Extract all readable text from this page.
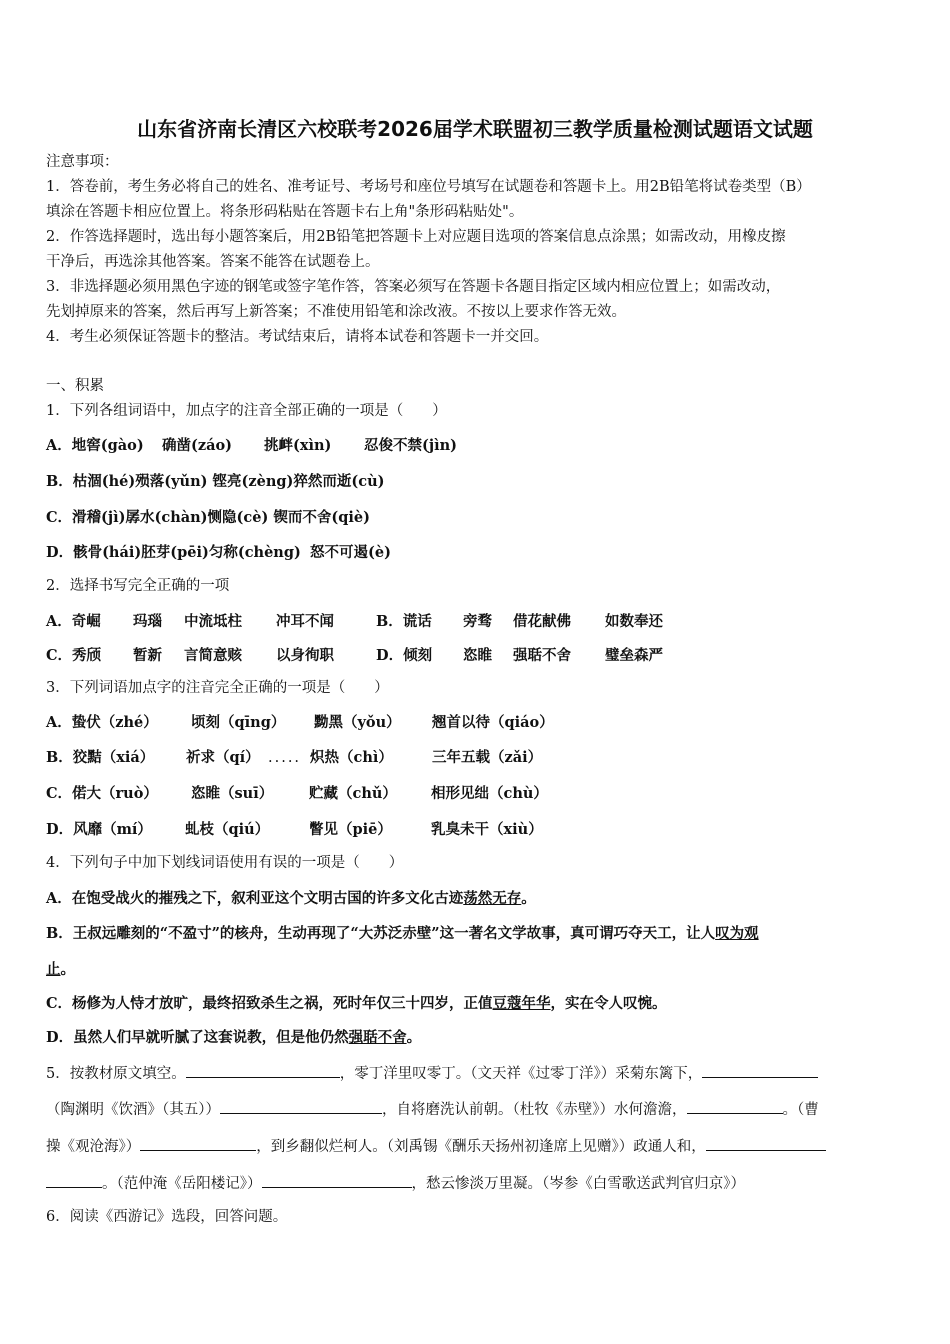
山东省济南长清区六校联考2026届学术联盟初三教学质量检测试题语文试题
注意事项：
1．答卷前，考生务必将自己的姓名、准考证号、考场号和座位号填写在试题卷和答题卡上。用2B铅笔将试卷类型（B）
填涂在答题卡相应位置上。将条形码粘贴在答题卡右上角"条形码粘贴处"。
2．作答选择题时，选出每小题答案后，用2B铅笔把答题卡上对应题目选项的答案信息点涂黑；如需改动，用橡皮擦
干净后，再选涂其他答案。答案不能答在试题卷上。
3．非选择题必须用黑色字迹的钢笔或签字笔作答，答案必须写在答题卡各题目指定区域内相应位置上；如需改动，
先划掉原来的答案，然后再写上新答案；不准使用铅笔和涂改液。不按以上要求作答无效。
4．考生必须保证答题卡的整洁。考试结束后，请将本试卷和答题卡一并交回。
一、积累
1．下列各组词语中，加点字的注音全部正确的一项是（　　）
A．地窖(gào) 确凿(záo) 挑衅(xìn) 忍俊不禁(jìn)
B．枯涸(hé)殒落(yǔn) 铿亮(zèng)猝然而逝(cù)
C．滑稽(jì)孱水(chàn)恻隐(cè) 锲而不舍(qiè)
D．骸骨(hái)胚芽(pēi)匀称(chèng) 怒不可遏(è)
2．选择书写完全正确的一项
A．奇崛 玛瑙 中流坻柱 冲耳不闻	B．谎话 旁骛 借花献佛 如数奉还
C．秀颀 暂新 言简意赅 以身徇职	D．倾刻 恣睢 强聒不舍 璧垒森严
3．下列词语加点字的注音完全正确的一项是（　　）
A．蛰伏（zhé） 顷刻（qīng） 黝黑（yǒu） 翘首以待（qiáo）
B．狡黠（xiá） 祈求（qí） ..... 炽热（chì）	三年五载（zǎi）
C．偌大（ruò） 恣睢（suī） 贮藏（chǔ） 相形见绌（chù）
D．风靡（mí） 虬枝（qiú）	瞥见（piē）	乳臭未干（xiù）
4．下列句子中加下划线词语使用有误的一项是（　　）
A．在饱受战火的摧残之下，叙利亚这个文明古国的许多文化古迹荡然无存。
B．王叔远雕刻的“不盈寸”的核舟，生动再现了“大苏泛赤壁”这一著名文学故事，真可谓巧夺天工，让人叹为观
止。
C．杨修为人恃才放旷，最终招致杀生之祸，死时年仅三十四岁，正值豆蔻年华，实在令人叹惋。
D．虽然人们早就听腻了这套说教，但是他仍然强聒不舍。
5．按教材原文填空。	，零丁洋里叹零丁。（文天祥《过零丁洋》）采菊东篱下，
（陶渊明《饮酒》（其五））	，自将磨洗认前朝。（杜牧《赤壁》）水何澹澹，	。（曹
操《观沧海》）	，到乡翻似烂柯人。（刘禹锡《酬乐天扬州初逢席上见赠》）政通人和，
。（范仲淹《岳阳楼记》）	，愁云惨淡万里凝。（岑参《白雪歌送武判官归京》）
6．阅读《西游记》选段，回答问题。
